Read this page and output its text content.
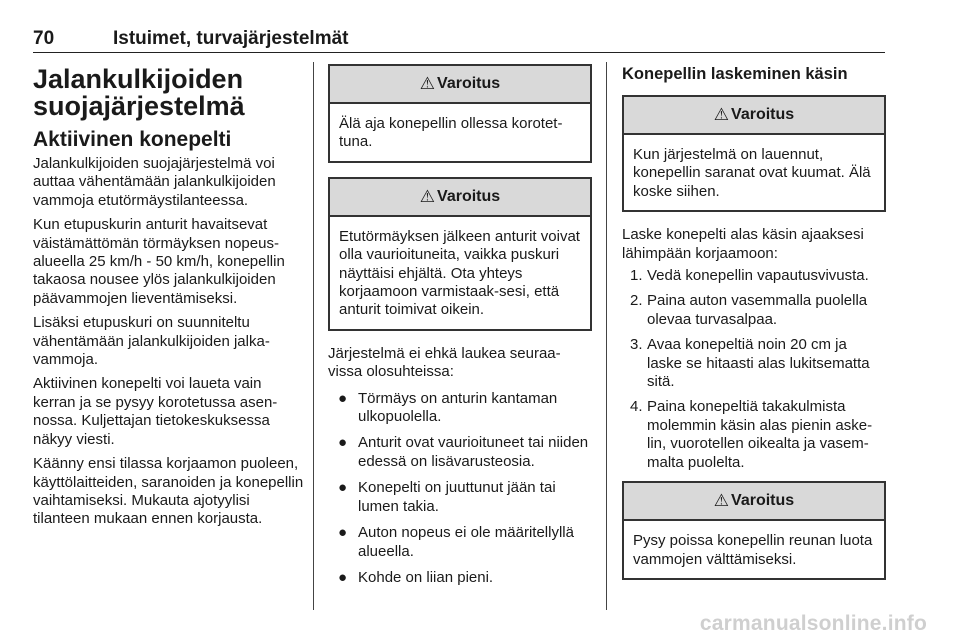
70	Istuimet, turvajärjestelmät
Jalankulkijoiden suojajärjestelmä
Aktiivinen konepelti

Jalankulkijoiden suojajärjestelmä voi auttaa vähentämään jalankulkijoiden vammoja etutörmäystilanteessa.

Kun etupuskurin anturit havaitsevat väistämättömän törmäyksen nopeus-alueella 25 km/h - 50 km/h, konepellin takaosa nousee ylös jalankulkijoiden päävammojen lieventämiseksi.

Lisäksi etupuskuri on suunniteltu vähentämään jalankulkijoiden jalka-vammoja.

Aktiivinen konepelti voi laueta vain kerran ja se pysyy korotetussa asen-nossa. Kuljettajan tietokeskuksessa näkyy viesti.

Käänny ensi tilassa korjaamon puoleen, käyttölaitteiden, saranoiden ja konepellin vaihtamiseksi. Mukauta ajotyylisi tilanteen mukaan ennen korjausta.

⚠ Varoitus
Älä aja konepellin ollessa korotet-tuna.
⚠ Varoitus
Etutörmäyksen jälkeen anturit voivat olla vaurioituneita, vaikka puskuri näyttäisi ehjältä. Ota yhteys korjaamoon varmistaak-sesi, että anturit toimivat oikein.

Järjestelmä ei ehkä laukea seuraa-vissa olosuhteissa:

● Törmäys on anturin kantaman ulkopuolella.
● Anturit ovat vaurioituneet tai niiden edessä on lisävarusteosia.
● Konepelti on juuttunut jään tai lumen takia.
● Auton nopeus ei ole määritellyllä alueella.
● Kohde on liian pieni.
Konepellin laskeminen käsin
⚠ Varoitus
Kun järjestelmä on lauennut, konepellin saranat ovat kuumat. Älä koske siihen.

Laske konepelti alas käsin ajaaksesi lähimpään korjaamoon:

1. Vedä konepellin vapautusvivusta.
2. Paina auton vasemmalla puolella olevaa turvasalpaa.
3. Avaa konepeltiä noin 20 cm ja laske se hitaasti alas lukitsematta sitä.
4. Paina konepeltiä takakulmista molemmin käsin alas pienin aske-lin, vuorotellen oikealta ja vasem-malta puolelta.
⚠ Varoitus
Pysy poissa konepellin reunan luota vammojen välttämiseksi.
carmanualsonline.info
